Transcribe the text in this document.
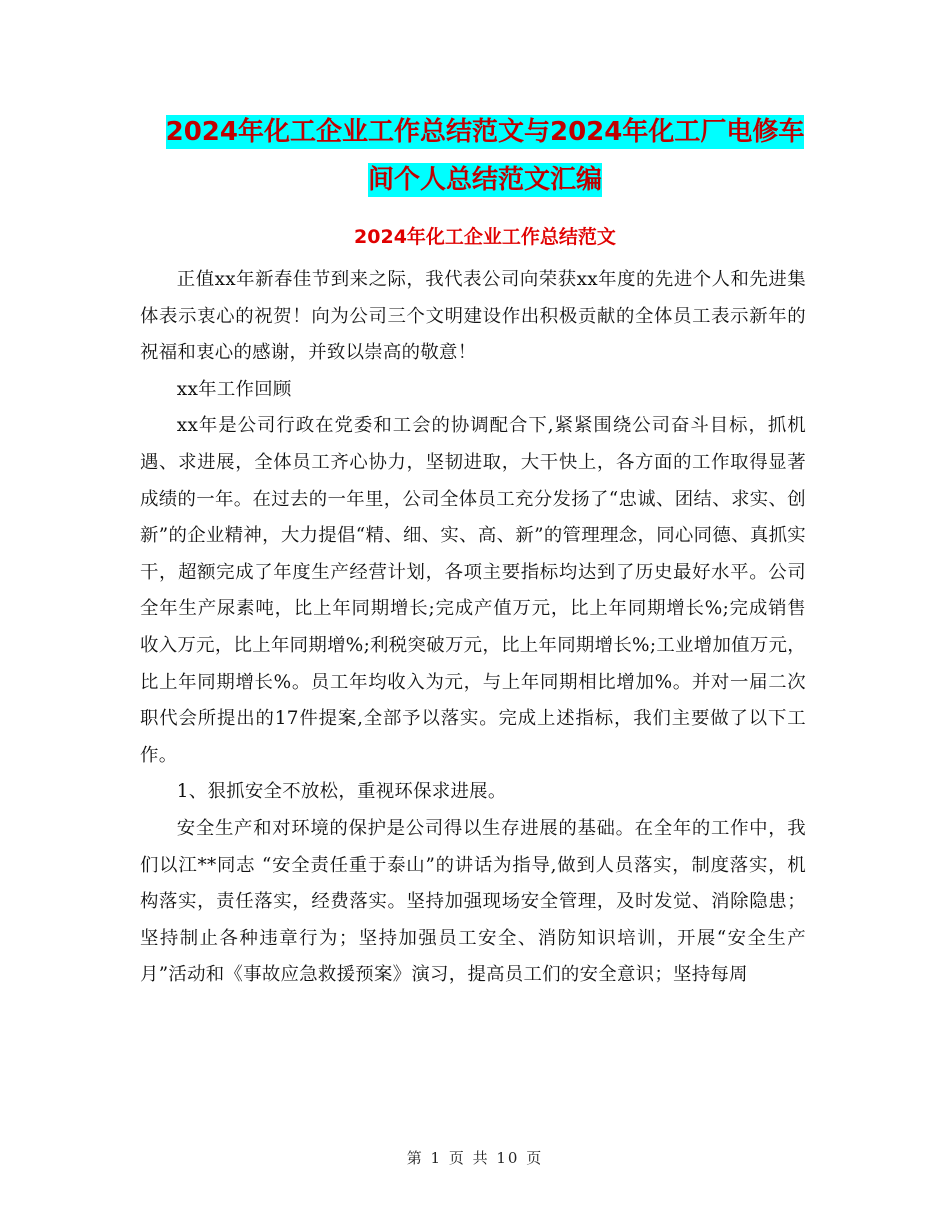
2024年化工企业工作总结范文与2024年化工厂电修车
间个人总结范文汇编
2024年化工企业工作总结范文

正值xx年新春佳节到来之际，我代表公司向荣获xx年度的先进个人和先进集体表示衷心的祝贺！向为公司三个文明建设作出积极贡献的全体员工表示新年的祝福和衷心的感谢，并致以崇高的敬意！

xx年工作回顾

xx年是公司行政在党委和工会的协调配合下,紧紧围绕公司奋斗目标，抓机遇、求进展，全体员工齐心协力，坚韧进取，大干快上，各方面的工作取得显著成绩的一年。在过去的一年里，公司全体员工充分发扬了“忠诚、团结、求实、创新”的企业精神，大力提倡“精、细、实、高、新”的管理理念，同心同德、真抓实干，超额完成了年度生产经营计划，各项主要指标均达到了历史最好水平。公司全年生产尿素吨，比上年同期增长;完成产值万元，比上年同期增长%;完成销售收入万元，比上年同期增%;利税突破万元，比上年同期增长%;工业增加值万元，比上年同期增长%。员工年均收入为元，与上年同期相比增加%。并对一届二次职代会所提出的17件提案,全部予以落实。完成上述指标，我们主要做了以下工作。

1、狠抓安全不放松，重视环保求进展。

安全生产和对环境的保护是公司得以生存进展的基础。在全年的工作中，我们以江**同志 “安全责任重于泰山”的讲话为指导,做到人员落实，制度落实，机构落实，责任落实，经费落实。坚持加强现场安全管理，及时发觉、消除隐患；坚持制止各种违章行为；坚持加强员工安全、消防知识培训，开展“安全生产月”活动和《事故应急救援预案》演习，提高员工们的安全意识；坚持每周

第 1 页 共 10 页
